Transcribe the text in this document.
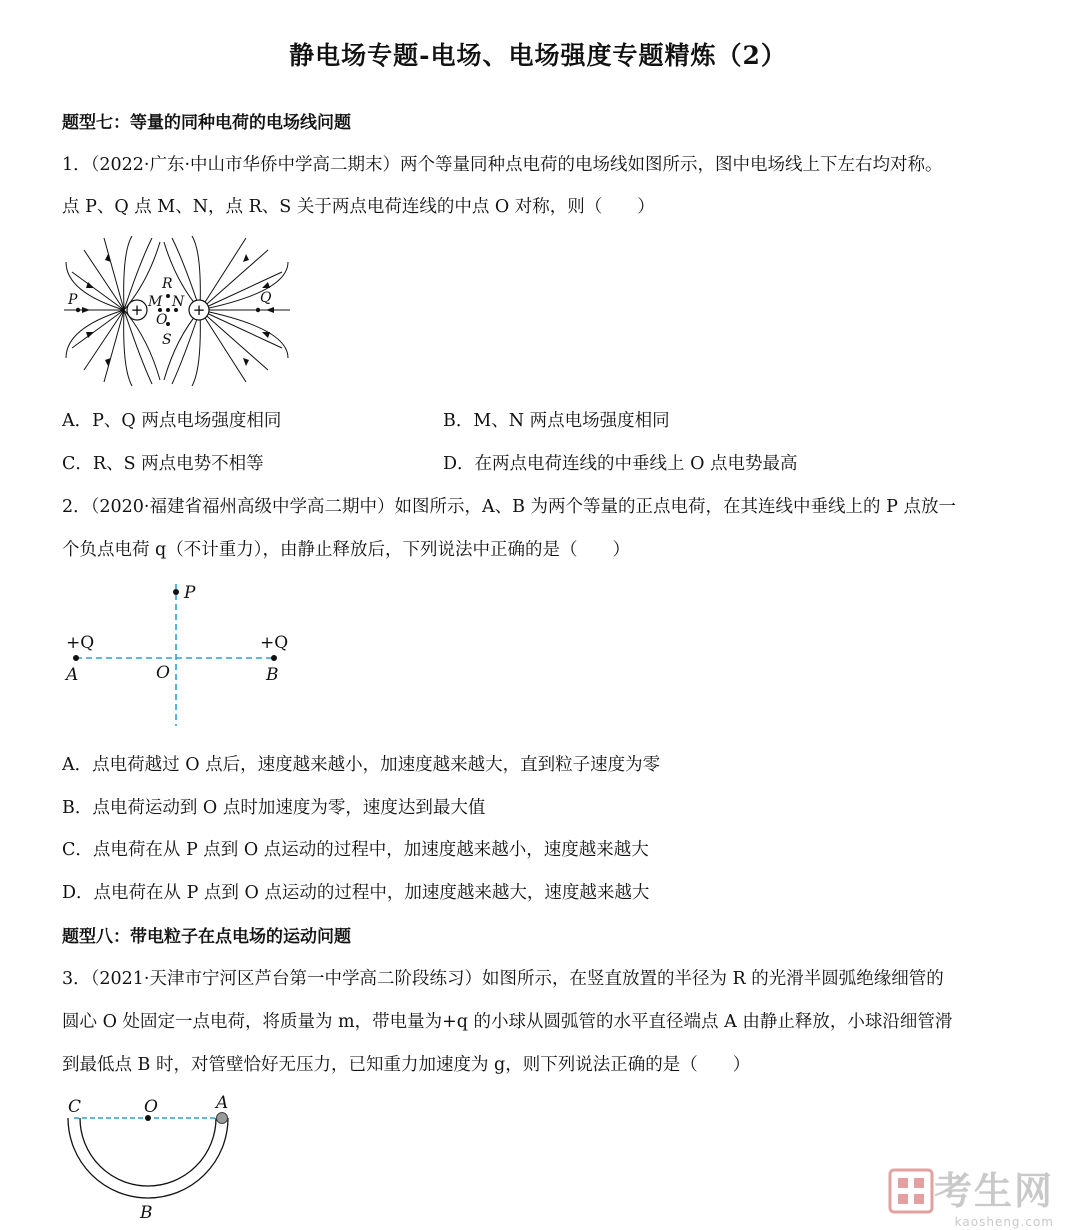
静电场专题-电场、电场强度专题精炼（2）
题型七：等量的同种电荷的电场线问题
1．（2022·广东·中山市华侨中学高二期末）两个等量同种点电荷的电场线如图所示，图中电场线上下左右均对称。
点 P、Q 点 M、N，点 R、S 关于两点电荷连线的中点 O 对称，则（　　）
+	+
P	Q
R
M N
O
S
A．P、Q 两点电场强度相同	B．M、N 两点电场强度相同
C．R、S 两点电势不相等	D．在两点电荷连线的中垂线上 O 点电势最高
2．（2020·福建省福州高级中学高二期中）如图所示，A、B 为两个等量的正点电荷，在其连线中垂线上的 P 点放一
个负点电荷 q（不计重力），由静止释放后，下列说法中正确的是（　　）
P
+Q	+Q
A	O	B
A．点电荷越过 O 点后，速度越来越小，加速度越来越大，直到粒子速度为零
B．点电荷运动到 O 点时加速度为零，速度达到最大值
C．点电荷在从 P 点到 O 点运动的过程中，加速度越来越小，速度越来越大
D．点电荷在从 P 点到 O 点运动的过程中，加速度越来越大，速度越来越大
题型八：带电粒子在点电场的运动问题
3．（2021·天津市宁河区芦台第一中学高二阶段练习）如图所示，在竖直放置的半径为 R 的光滑半圆弧绝缘细管的
圆心 O 处固定一点电荷，将质量为 m，带电量为+q 的小球从圆弧管的水平直径端点 A 由静止释放，小球沿细管滑
到最低点 B 时，对管壁恰好无压力，已知重力加速度为 g，则下列说法正确的是（　　）
C	O	A
B	考生网
kaosheng.com
